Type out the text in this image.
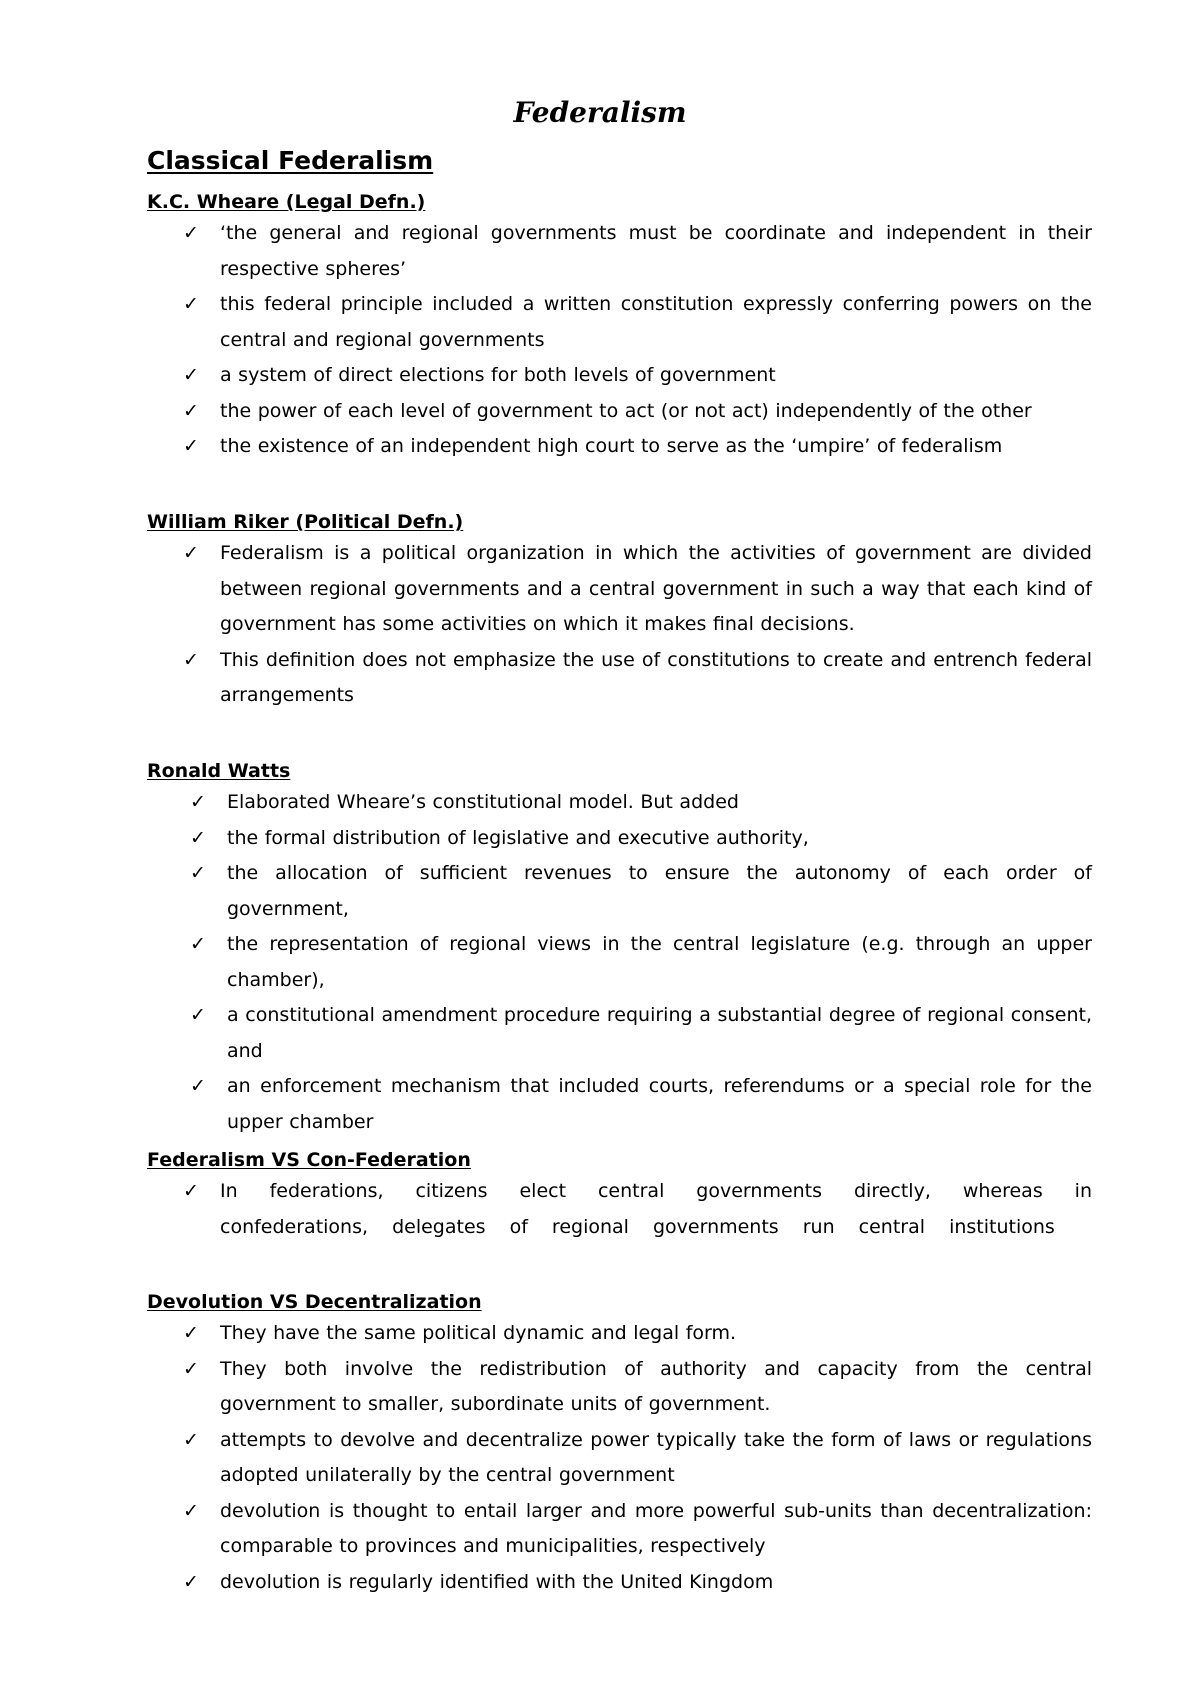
Federalism
Classical Federalism
K.C. Wheare (Legal Defn.)
✓ ‘the general and regional governments must be coordinate and independent in their respective spheres’
✓ this federal principle included a written constitution expressly conferring powers on the central and regional governments
✓ a system of direct elections for both levels of government
✓ the power of each level of government to act (or not act) independently of the other
✓ the existence of an independent high court to serve as the ‘umpire’ of federalism
William Riker (Political Defn.)
✓ Federalism is a political organization in which the activities of government are divided between regional governments and a central government in such a way that each kind of government has some activities on which it makes final decisions.
✓ This definition does not emphasize the use of constitutions to create and entrench federal arrangements
Ronald Watts
✓ Elaborated Wheare’s constitutional model. But added
✓ the formal distribution of legislative and executive authority,
✓ the allocation of sufficient revenues to ensure the autonomy of each order of government,
✓ the representation of regional views in the central legislature (e.g. through an upper chamber),
✓ a constitutional amendment procedure requiring a substantial degree of regional consent, and
✓ an enforcement mechanism that included courts, referendums or a special role for the upper chamber
Federalism VS Con-Federation
✓ In federations, citizens elect central governments directly, whereas in confederations, delegates of regional governments run central institutions
Devolution VS Decentralization
✓ They have the same political dynamic and legal form.
✓ They both involve the redistribution of authority and capacity from the central government to smaller, subordinate units of government.
✓ attempts to devolve and decentralize power typically take the form of laws or regulations adopted unilaterally by the central government
✓ devolution is thought to entail larger and more powerful sub-units than decentralization: comparable to provinces and municipalities, respectively
✓ devolution is regularly identified with the United Kingdom
